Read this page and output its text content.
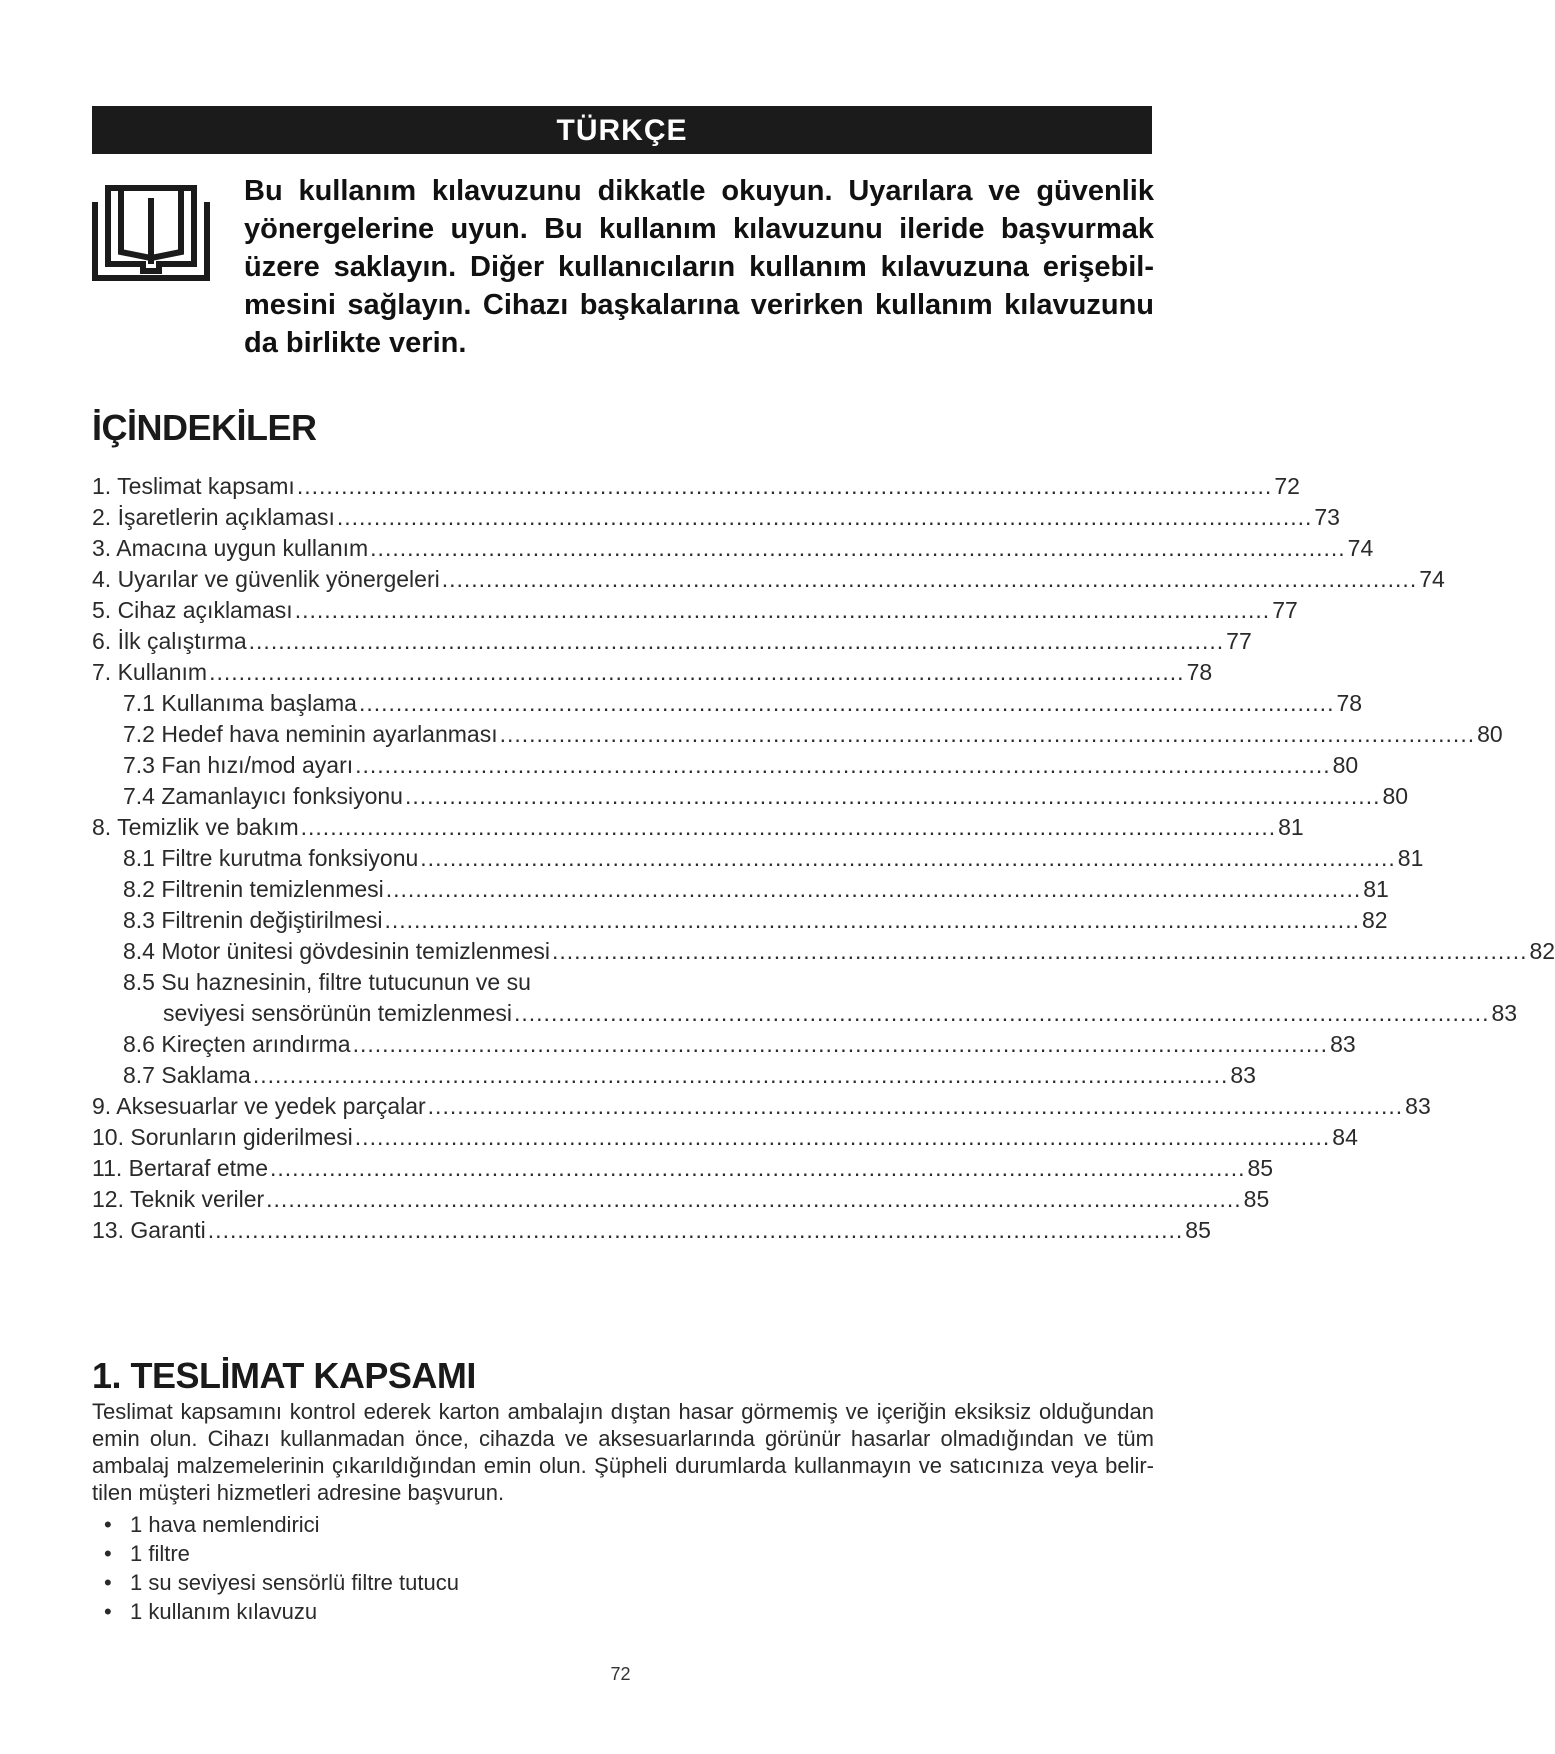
TÜRKÇE

Bu kullanım kılavuzunu dikkatle okuyun. Uyarılara ve güvenlik yönergelerine uyun. Bu kullanım kılavuzunu ileride başvurmak üzere saklayın. Diğer kullanıcıların kullanım kılavuzuna erişebilmesini sağlayın. Cihazı başkalarına verirken kullanım kılavuzunu da birlikte verin.

İÇİNDEKİLER
1. Teslimat kapsamı .................................................................................................................................... 72
2. İşaretlerin açıklaması .................................................................................................................................... 73
3. Amacına uygun kullanım .................................................................................................................................... 74
4. Uyarılar ve güvenlik yönergeleri .................................................................................................................................... 74
5. Cihaz açıklaması .................................................................................................................................... 77
6. İlk çalıştırma .................................................................................................................................... 77
7. Kullanım .................................................................................................................................... 78
7.1 Kullanıma başlama .................................................................................................................................... 78
7.2 Hedef hava neminin ayarlanması .................................................................................................................................... 80
7.3 Fan hızı/mod ayarı .................................................................................................................................... 80
7.4 Zamanlayıcı fonksiyonu .................................................................................................................................... 80
8. Temizlik ve bakım .................................................................................................................................... 81
8.1 Filtre kurutma fonksiyonu .................................................................................................................................... 81
8.2 Filtrenin temizlenmesi .................................................................................................................................... 81
8.3 Filtrenin değiştirilmesi .................................................................................................................................... 82
8.4 Motor ünitesi gövdesinin temizlenmesi .................................................................................................................................... 82
8.5 Su haznesinin, filtre tutucunun ve su
seviyesi sensörünün temizlenmesi .................................................................................................................................... 83
8.6 Kireçten arındırma .................................................................................................................................... 83
8.7 Saklama .................................................................................................................................... 83
9. Aksesuarlar ve yedek parçalar .................................................................................................................................... 83
10. Sorunların giderilmesi .................................................................................................................................... 84
11. Bertaraf etme .................................................................................................................................... 85
12. Teknik veriler .................................................................................................................................... 85
13. Garanti .................................................................................................................................... 85
1. TESLİMAT KAPSAMI

Teslimat kapsamını kontrol ederek karton ambalajın dıştan hasar görmemiş ve içeriğin eksiksiz olduğundan emin olun. Cihazı kullanmadan önce, cihazda ve aksesuarlarında görünür hasarlar olmadığından ve tüm ambalaj malzemelerinin çıkarıldığından emin olun. Şüpheli durumlarda kullanmayın ve satıcınıza veya belirtilen müşteri hizmetleri adresine başvurun.

• 1 hava nemlendirici
• 1 filtre
• 1 su seviyesi sensörlü filtre tutucu
• 1 kullanım kılavuzu
72
